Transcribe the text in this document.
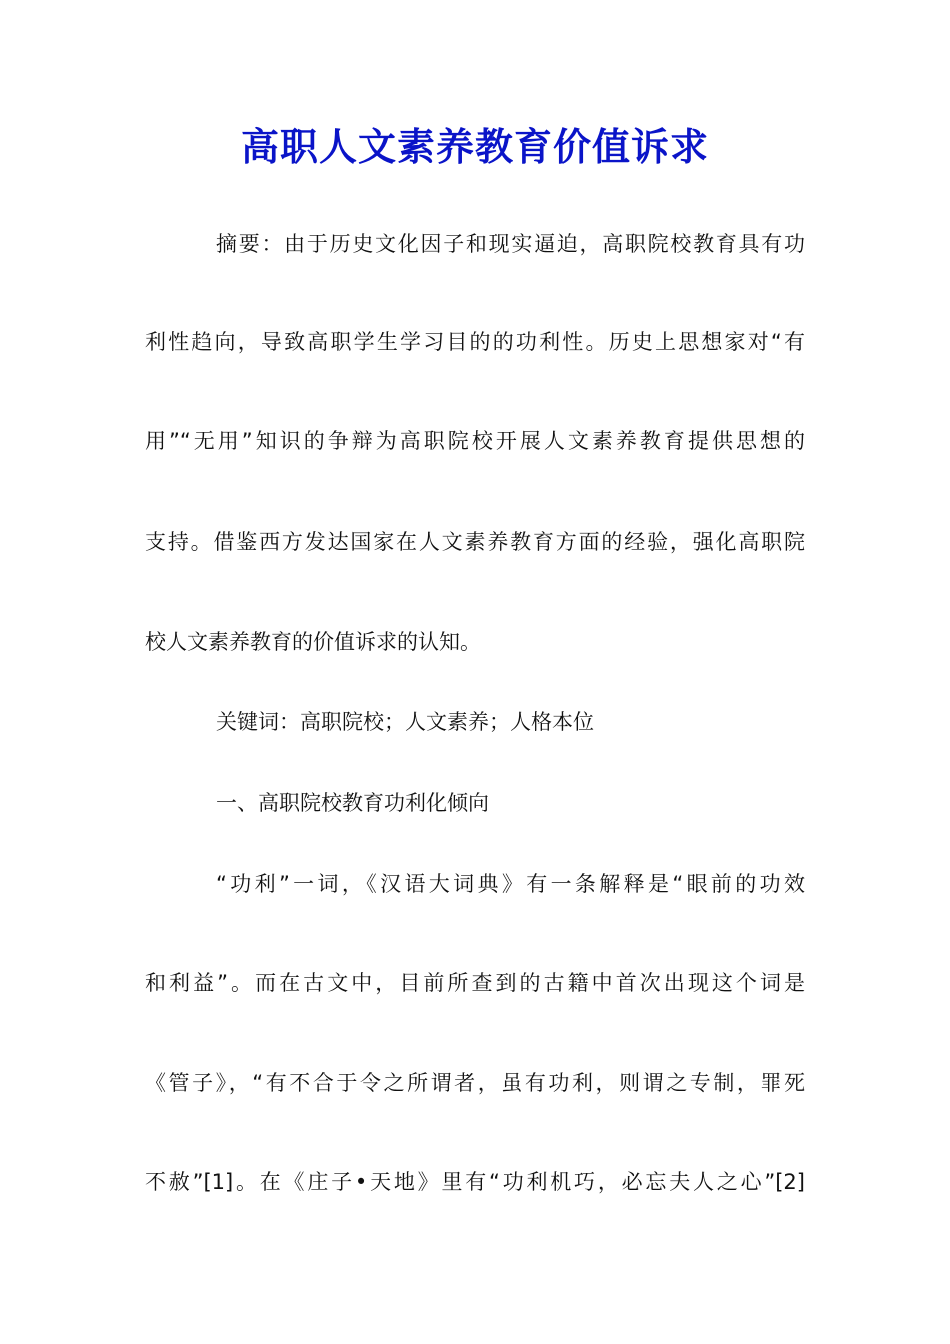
高职人文素养教育价值诉求
摘要：由于历史文化因子和现实逼迫，高职院校教育具有功
利性趋向，导致高职学生学习目的的功利性。历史上思想家对“有
用”“无用”知识的争辩为高职院校开展人文素养教育提供思想的
支持。借鉴西方发达国家在人文素养教育方面的经验，强化高职院
校人文素养教育的价值诉求的认知。
关键词：高职院校；人文素养；人格本位
一、高职院校教育功利化倾向
“功利”一词，《汉语大词典》有一条解释是“眼前的功效
和利益”。而在古文中，目前所查到的古籍中首次出现这个词是
《管子》，“有不合于令之所谓者，虽有功利，则谓之专制，罪死
不赦”[1]。在《庄子•天地》里有“功利机巧，必忘夫人之心”[2]
